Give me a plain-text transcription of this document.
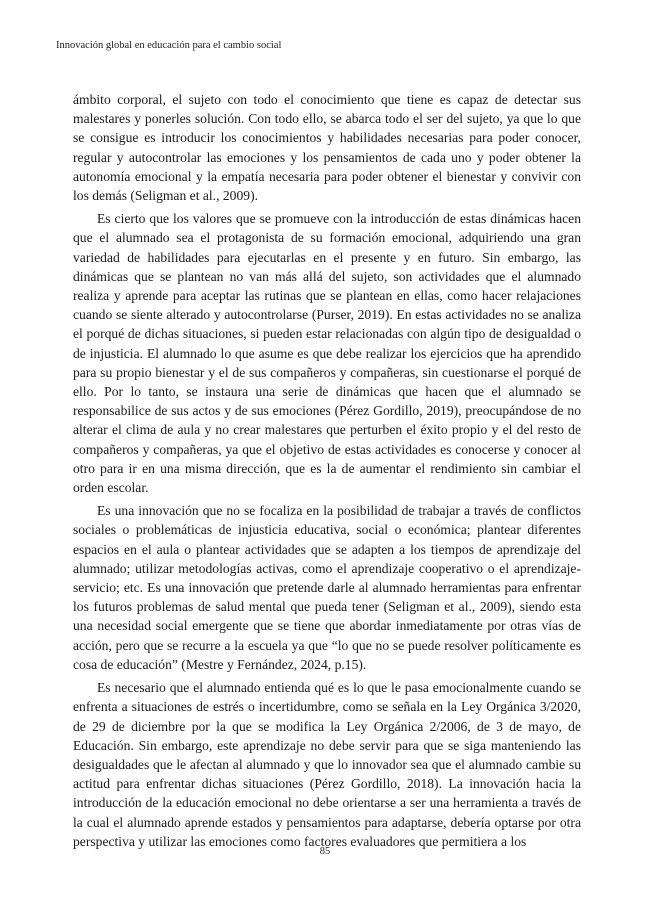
Innovación global en educación para el cambio social

ámbito corporal, el sujeto con todo el conocimiento que tiene es capaz de detectar sus malestares y ponerles solución. Con todo ello, se abarca todo el ser del sujeto, ya que lo que se consigue es introducir los conocimientos y habilidades necesarias para poder conocer, regular y autocontrolar las emociones y los pensamientos de cada uno y poder obtener la autonomía emocional y la empatía necesaria para poder obtener el bienestar y convivir con los demás (Seligman et al., 2009).

Es cierto que los valores que se promueve con la introducción de estas dinámicas hacen que el alumnado sea el protagonista de su formación emocional, adquiriendo una gran variedad de habilidades para ejecutarlas en el presente y en futuro. Sin embargo, las dinámicas que se plantean no van más allá del sujeto, son actividades que el alumnado realiza y aprende para aceptar las rutinas que se plantean en ellas, como hacer relajaciones cuando se siente alterado y autocontrolarse (Purser, 2019). En estas actividades no se analiza el porqué de dichas situaciones, si pueden estar relacionadas con algún tipo de desigualdad o de injusticia. El alumnado lo que asume es que debe realizar los ejercicios que ha aprendido para su propio bienestar y el de sus compañeros y compañeras, sin cuestionarse el porqué de ello. Por lo tanto, se instaura una serie de dinámicas que hacen que el alumnado se responsabilice de sus actos y de sus emociones (Pérez Gordillo, 2019), preocupándose de no alterar el clima de aula y no crear malestares que perturben el éxito propio y el del resto de compañeros y compañeras, ya que el objetivo de estas actividades es conocerse y conocer al otro para ir en una misma dirección, que es la de aumentar el rendimiento sin cambiar el orden escolar.

Es una innovación que no se focaliza en la posibilidad de trabajar a través de conflictos sociales o problemáticas de injusticia educativa, social o económica; plantear diferentes espacios en el aula o plantear actividades que se adapten a los tiempos de aprendizaje del alumnado; utilizar metodologías activas, como el aprendizaje cooperativo o el aprendizaje-servicio; etc. Es una innovación que pretende darle al alumnado herramientas para enfrentar los futuros problemas de salud mental que pueda tener (Seligman et al., 2009), siendo esta una necesidad social emergente que se tiene que abordar inmediatamente por otras vías de acción, pero que se recurre a la escuela ya que “lo que no se puede resolver políticamente es cosa de educación” (Mestre y Fernández, 2024, p.15).

Es necesario que el alumnado entienda qué es lo que le pasa emocionalmente cuando se enfrenta a situaciones de estrés o incertidumbre, como se señala en la Ley Orgánica 3/2020, de 29 de diciembre por la que se modifica la Ley Orgánica 2/2006, de 3 de mayo, de Educación. Sin embargo, este aprendizaje no debe servir para que se siga manteniendo las desigualdades que le afectan al alumnado y que lo innovador sea que el alumnado cambie su actitud para enfrentar dichas situaciones (Pérez Gordillo, 2018). La innovación hacia la introducción de la educación emocional no debe orientarse a ser una herramienta a través de la cual el alumnado aprende estados y pensamientos para adaptarse, debería optarse por otra perspectiva y utilizar las emociones como factores evaluadores que permitiera a los

85
